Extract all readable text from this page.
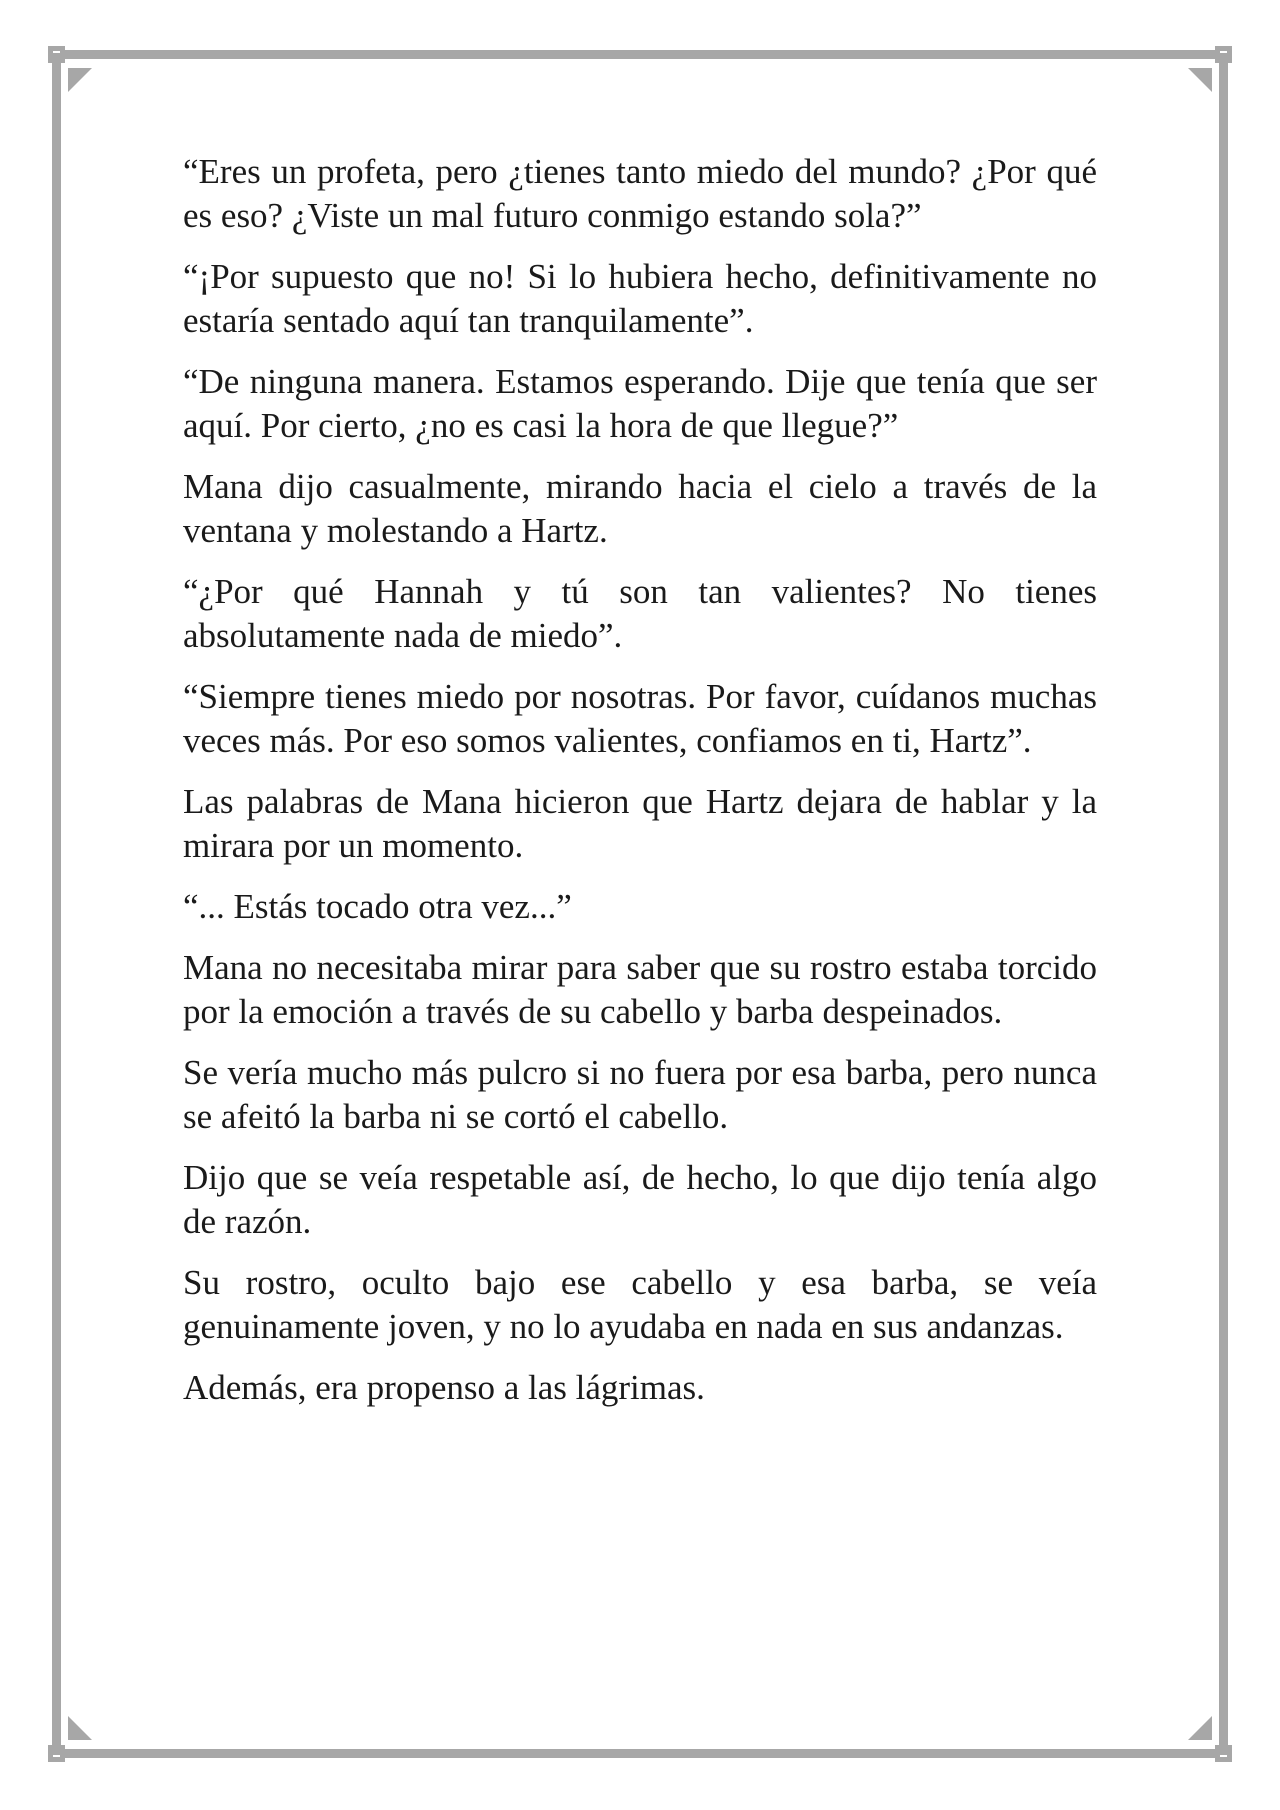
“Eres un profeta, pero ¿tienes tanto miedo del mundo? ¿Por qué es eso? ¿Viste un mal futuro conmigo estando sola?”

“¡Por supuesto que no! Si lo hubiera hecho, definitivamente no estaría sentado aquí tan tranquilamente”.

“De ninguna manera. Estamos esperando. Dije que tenía que ser aquí. Por cierto, ¿no es casi la hora de que llegue?”

Mana dijo casualmente, mirando hacia el cielo a través de la ventana y molestando a Hartz.

“¿Por qué Hannah y tú son tan valientes? No tienes absolutamente nada de miedo”.

“Siempre tienes miedo por nosotras. Por favor, cuídanos muchas veces más. Por eso somos valientes, confiamos en ti, Hartz”.

Las palabras de Mana hicieron que Hartz dejara de hablar y la mirara por un momento.

“... Estás tocado otra vez...”

Mana no necesitaba mirar para saber que su rostro estaba torcido por la emoción a través de su cabello y barba despeinados.

Se vería mucho más pulcro si no fuera por esa barba, pero nunca se afeitó la barba ni se cortó el cabello.

Dijo que se veía respetable así, de hecho, lo que dijo tenía algo de razón.

Su rostro, oculto bajo ese cabello y esa barba, se veía genuinamente joven, y no lo ayudaba en nada en sus andanzas.

Además, era propenso a las lágrimas.
